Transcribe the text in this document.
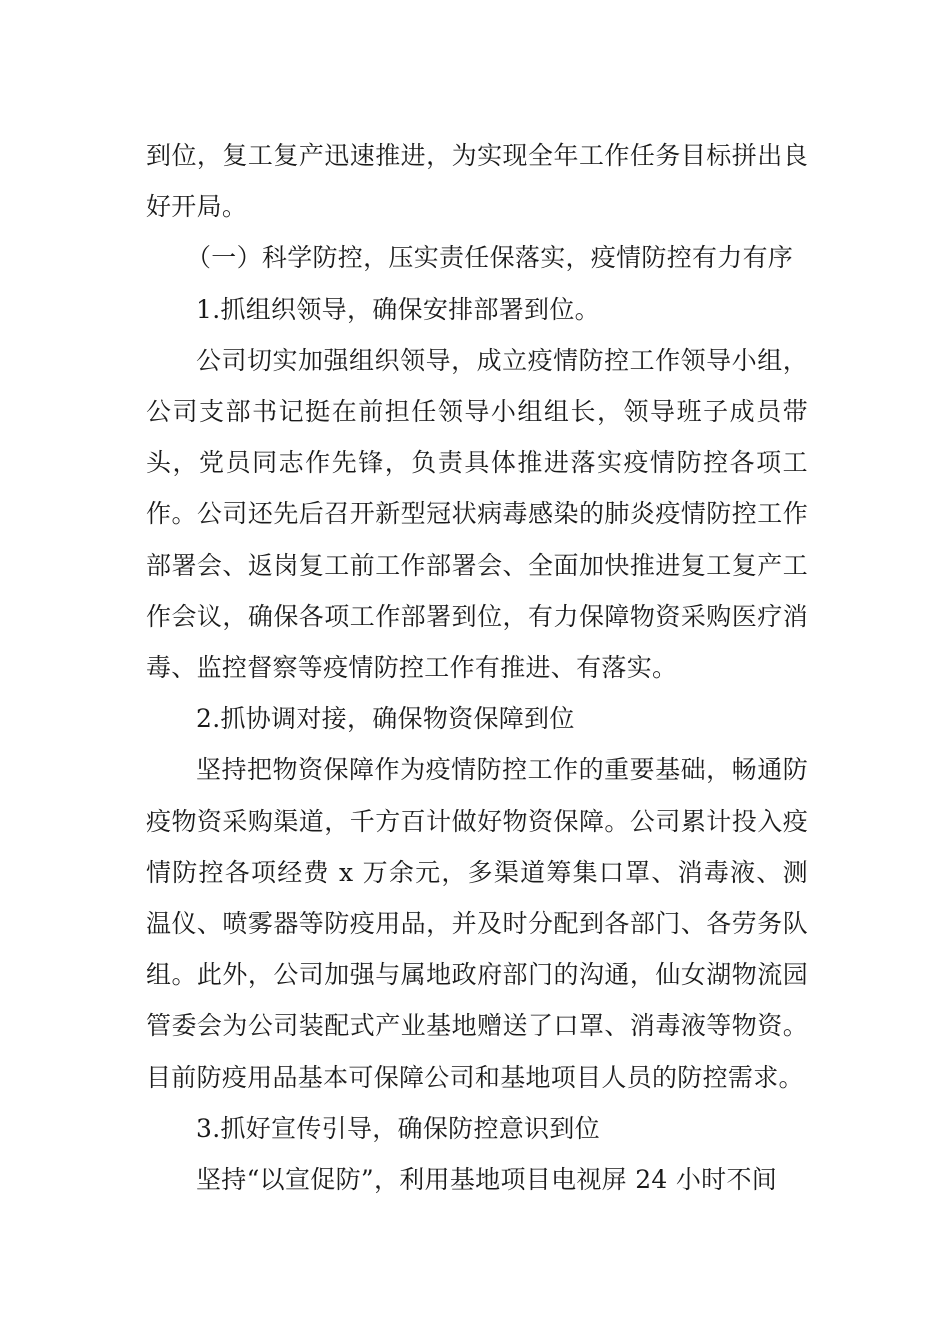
到位，复工复产迅速推进，为实现全年工作任务目标拼出良好开局。

（一）科学防控，压实责任保落实，疫情防控有力有序

1.抓组织领导，确保安排部署到位。

公司切实加强组织领导，成立疫情防控工作领导小组，公司支部书记挺在前担任领导小组组长，领导班子成员带头，党员同志作先锋，负责具体推进落实疫情防控各项工作。公司还先后召开新型冠状病毒感染的肺炎疫情防控工作部署会、返岗复工前工作部署会、全面加快推进复工复产工作会议，确保各项工作部署到位，有力保障物资采购医疗消毒、监控督察等疫情防控工作有推进、有落实。

2.抓协调对接，确保物资保障到位

坚持把物资保障作为疫情防控工作的重要基础，畅通防疫物资采购渠道，千方百计做好物资保障。公司累计投入疫情防控各项经费 x 万余元，多渠道筹集口罩、消毒液、测温仪、喷雾器等防疫用品，并及时分配到各部门、各劳务队组。此外，公司加强与属地政府部门的沟通，仙女湖物流园管委会为公司装配式产业基地赠送了口罩、消毒液等物资。目前防疫用品基本可保障公司和基地项目人员的防控需求。

3.抓好宣传引导，确保防控意识到位

坚持“以宣促防”，利用基地项目电视屏 24 小时不间
